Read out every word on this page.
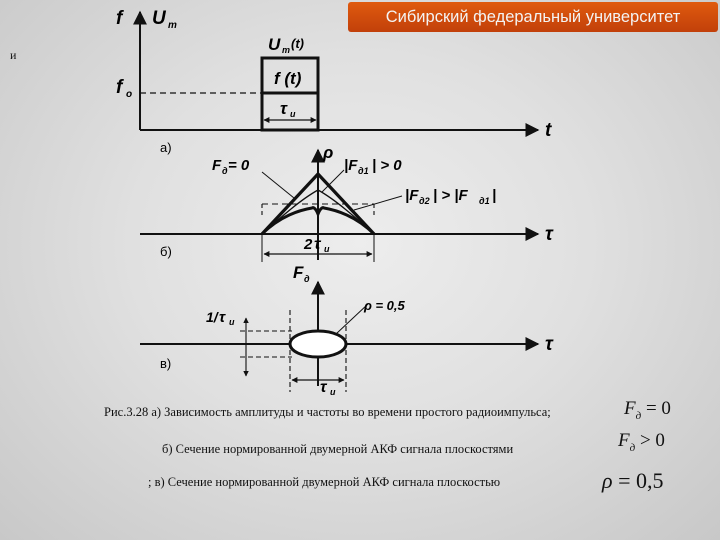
Сибирский федеральный университет
и
f U m
U m (t)
f (t)
f o
τ и
t
а)	ρ
F д = 0	|F д1 | > 0
|F д2 | > |F д1 |
2 τ и
τ
б)
F д
ρ = 0,5
1/ τ и
τ и
τ
в)
Рис.3.28 а) Зависимость амплитуды и частоты во времени простого радиоимпульса;
б) Сечение нормированной двумерной АКФ сигнала плоскостями
; в) Сечение нормированной двумерной АКФ сигнала плоскостью
$F_д = 0$
$F_д > 0$
ρ = 0,5
